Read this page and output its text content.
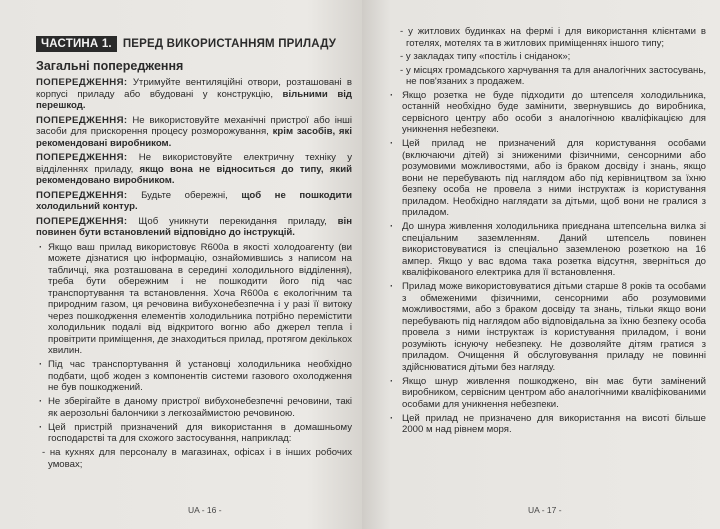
ЧАСТИНА 1. ПЕРЕД ВИКОРИСТАННЯМ ПРИЛАДУ
Загальні попередження

ПОПЕРЕДЖЕННЯ: Утримуйте вентиляційні отвори, розташовані в корпусі приладу або вбудовані у конструкцію, вільними від перешкод.

ПОПЕРЕДЖЕННЯ: Не використовуйте механічні пристрої або інші засоби для прискорення процесу розморожування, крім засобів, які рекомендовані виробником.

ПОПЕРЕДЖЕННЯ: Не використовуйте електричну техніку у відділеннях приладу, якщо вона не відноситься до типу, який рекомендовано виробником.

ПОПЕРЕДЖЕННЯ: Будьте обережні, щоб не пошкодити холодильний контур.

ПОПЕРЕДЖЕННЯ: Щоб уникнути перекидання приладу, він повинен бути встановлений відповідно до інструкцій.

· Якщо ваш прилад використовує R600a в якості холодоагенту (ви можете дізнатися цю інформацію, ознайомившись з написом на табличці, яка розташована в середині холодильного відділення), треба бути обережним і не пошкодити його під час транспортування та встановлення. Хоча R600a є екологічним та природним газом, ця речовина вибухонебезпечна і у разі її витоку через пошкодження елементів холодильника потрібно перемістити холодильник подалі від відкритого вогню або джерел тепла і провітрити приміщення, де знаходиться прилад, протягом декількох хвилин.

· Під час транспортування й установці холодильника необхідно подбати, щоб жоден з компонентів системи газового охолодження не був пошкоджений.

· Не зберігайте в даному пристрої вибухонебезпечні речовини, такі як аерозольні балончики з легкозаймистою речовиною.

· Цей пристрій призначений для використання в домашньому господарстві та для схожого застосування, наприклад:

- на кухнях для персоналу в магазинах, офісах і в інших робочих умовах;

UA - 16 -

- у житлових будинках на фермі і для використання клієнтами в готелях, мотелях та в житлових приміщеннях іншого типу;

- у закладах типу «постіль і сніданок»;

- у місцях громадського харчування та для аналогічних застосувань, не пов'язаних з продажем.

· Якщо розетка не буде підходити до штепселя холодильника, останній необхідно буде замінити, звернувшись до виробника, сервісного центру або особи з аналогічною кваліфікацією для уникнення небезпеки.

· Цей прилад не призначений для користування особами (включаючи дітей) зі зниженими фізичними, сенсорними або розумовими можливостями, або із браком досвіду і знань, якщо вони не перебувають під наглядом або під керівництвом за їхню безпеку особа не провела з ними інструктаж із користування приладом. Необхідно наглядати за дітьми, щоб вони не гралися з приладом.

· До шнура живлення холодильника приєднана штепсельна вилка зі спеціальним заземленням. Даний штепсель повинен використовуватися із спеціально заземленою розеткою на 16 ампер. Якщо у вас вдома така розетка відсутня, зверніться до кваліфікованого електрика для її встановлення.

· Прилад може використовуватися дітьми старше 8 років та особами з обмеженими фізичними, сенсорними або розумовими можливостями, або з браком досвіду та знань, тільки якщо вони перебувають під наглядом або відповідальна за їхню безпеку особа провела з ними інструктаж із користування приладом, і вони розуміють існуючу небезпеку. Не дозволяйте дітям гратися з приладом. Очищення й обслуговування приладу не повинні здійснюватися дітьми без нагляду.

· Якщо шнур живлення пошкоджено, він має бути замінений виробником, сервісним центром або аналогічними кваліфікованими особами для уникнення небезпеки.

· Цей прилад не призначено для використання на висоті більше 2000 м над рівнем моря.

UA - 17 -
